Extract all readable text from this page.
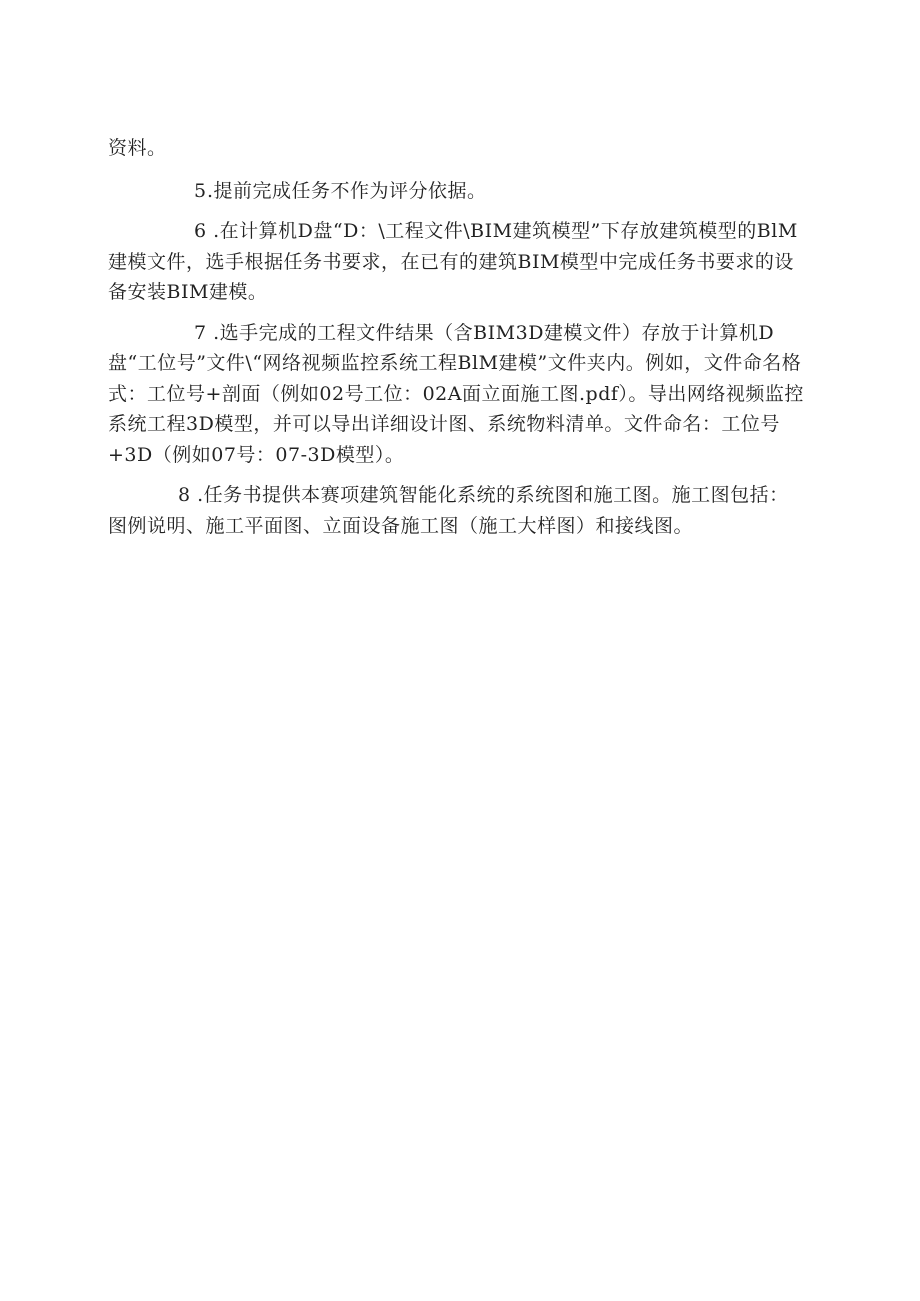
资料。

5.提前完成任务不作为评分依据。

6 .在计算机D盘“D：\工程文件\BIM建筑模型”下存放建筑模型的BlM建模文件，选手根据任务书要求，在已有的建筑BIM模型中完成任务书要求的设备安装BIM建模。

7 .选手完成的工程文件结果（含BIM3D建模文件）存放于计算机D盘“工位号”文件\“网络视频监控系统工程BlM建模”文件夹内。例如，文件命名格式：工位号+剖面（例如02号工位：02A面立面施工图.pdf）。导出网络视频监控系统工程3D模型，并可以导出详细设计图、系统物料清单。文件命名：工位号+3D（例如07号：07-3D模型）。

8 .任务书提供本赛项建筑智能化系统的系统图和施工图。施工图包括：图例说明、施工平面图、立面设备施工图（施工大样图）和接线图。
